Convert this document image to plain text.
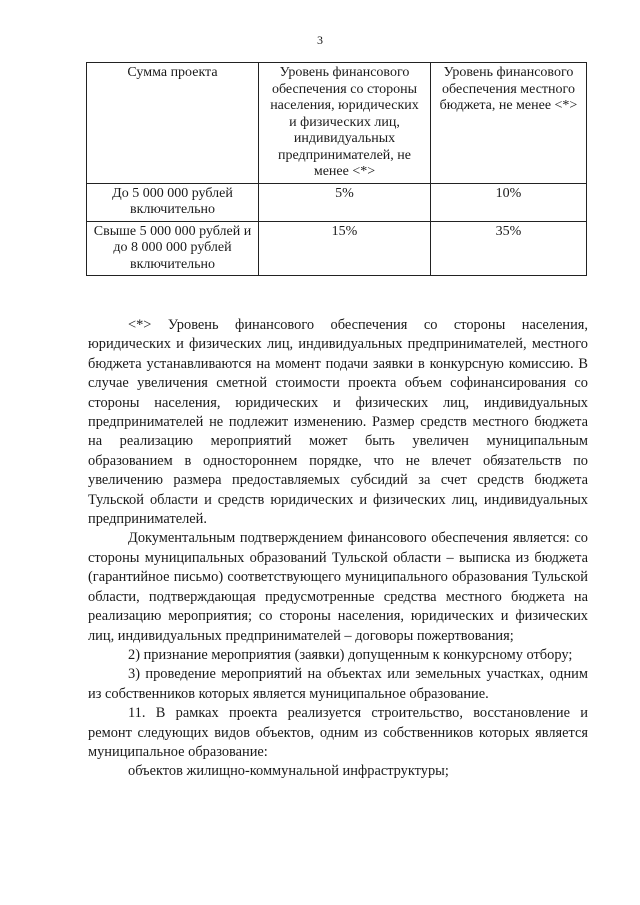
3
Сумма проекта	Уровень финансового обеспечения со стороны населения, юридических и физических лиц, индивидуальных предпринимателей, не менее <*>	Уровень финансового обеспечения местного бюджета, не менее <*>
До 5 000 000 рублей включительно	5%	10%
Свыше 5 000 000 рублей и до 8 000 000 рублей включительно	15%	35%

<*> Уровень финансового обеспечения со стороны населения, юридических и физических лиц, индивидуальных предпринимателей, местного бюджета устанавливаются на момент подачи заявки в конкурсную комиссию. В случае увеличения сметной стоимости проекта объем софинансирования со стороны населения, юридических и физических лиц, индивидуальных предпринимателей не подлежит изменению. Размер средств местного бюджета на реализацию мероприятий может быть увеличен муниципальным образованием в одностороннем порядке, что не влечет обязательств по увеличению размера предоставляемых субсидий за счет средств бюджета Тульской области и средств юридических и физических лиц, индивидуальных предпринимателей.

Документальным подтверждением финансового обеспечения является: со стороны муниципальных образований Тульской области – выписка из бюджета (гарантийное письмо) соответствующего муниципального образования Тульской области, подтверждающая предусмотренные средства местного бюджета на реализацию мероприятия; со стороны населения, юридических и физических лиц, индивидуальных предпринимателей – договоры пожертвования;

2) признание мероприятия (заявки) допущенным к конкурсному отбору;

3) проведение мероприятий на объектах или земельных участках, одним из собственников которых является муниципальное образование.

11. В рамках проекта реализуется строительство, восстановление и ремонт следующих видов объектов, одним из собственников которых является муниципальное образование:

объектов жилищно-коммунальной инфраструктуры;
